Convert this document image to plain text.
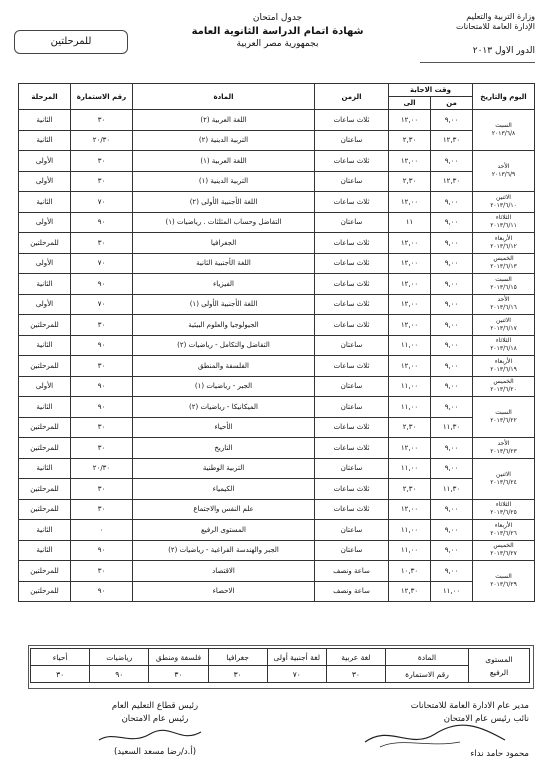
وزارة التربية والتعليم
الإدارة العامة للامتحانات
الدور الاول ٢٠١٣
جدول امتحان
شهادة اتمام الدراسة الثانوية العامة
بجمهورية مصر العربية
للمرحلتين
اليوم والتاريخ	وقت الاجابة		الزمن	المادة	رقم الاستمارة	المرحلة
	من	الى				

السبت
٢٠١٣/٦/٨	٩,٠٠	١٢,٠٠	ثلاث ساعات	اللغة العربية (٢)	٣٠	الثانية
	١٢,٣٠	٢,٣٠	ساعتان	التربية الدينية (٢)	٢٠/٣٠	الثانية

الأحد
٢٠١٣/٦/٩	٩,٠٠	١٢,٠٠	ثلاث ساعات	اللغة العربية (١)	٣٠	الأولى
	١٢,٣٠	٢,٣٠	ساعتان	التربية الدينية (١)	٣٠	الأولى

الاثنين
٢٠١٣/٦/١٠	٩,٠٠	١٢,٠٠	ثلاث ساعات	اللغة الأجنبية الأولى (٢)	٧٠	الثانية

الثلاثاء
٢٠١٣/٦/١١	٩,٠٠	١١	ساعتان	التفاضل وحساب المثلثات . رياضيات (١)	٩٠	الأولى

الأربعاء
٢٠١٣/٦/١٢	٩,٠٠	١٢,٠٠	ثلاث ساعات	الجغرافيا	٣٠	للمرحلتين

الخميس
٢٠١٣/٦/١٣	٩,٠٠	١٢,٠٠	ثلاث ساعات	اللغة الأجنبية الثانية	٧٠	الأولى

السبت
٢٠١٣/٦/١٥	٩,٠٠	١٢,٠٠	ثلاث ساعات	الفيزياء	٩٠	الثانية

الأحد
٢٠١٣/٦/١٦	٩,٠٠	١٢,٠٠	ثلاث ساعات	اللغة الأجنبية الأولى (١)	٧٠	الأولى

الاثنين
٢٠١٣/٦/١٧	٩,٠٠	١٢,٠٠	ثلاث ساعات	الجيولوجيا والعلوم البيئية	٣٠	للمرحلتين

الثلاثاء
٢٠١٣/٦/١٨	٩,٠٠	١١,٠٠	ساعتان	التفاضل والتكامل - رياضيات (٢)	٩٠	الثانية

الأربعاء
٢٠١٣/٦/١٩	٩,٠٠	١٢,٠٠	ثلاث ساعات	الفلسفة والمنطق	٣٠	للمرحلتين

الخميس
٢٠١٣/٦/٢٠	٩,٠٠	١١,٠٠	ساعتان	الجبر - رياضيات (١)	٩٠	الأولى

السبت
٢٠١٣/٦/٢٢	٩,٠٠	١١,٠٠	ساعتان	الميكانيكا - رياضيات (٢)	٩٠	الثانية
	١١,٣٠	٢,٣٠	ثلاث ساعات	الأحياء	٣٠	للمرحلتين

الأحد
٢٠١٣/٦/٢٣	٩,٠٠	١٢,٠٠	ثلاث ساعات	التاريخ	٣٠	للمرحلتين

الاثنين
٢٠١٣/٦/٢٤	٩,٠٠	١١,٠٠	ساعتان	التربية الوطنية	٢٠/٣٠	الثانية
	١١,٣٠	٢,٣٠	ثلاث ساعات	الكيمياء	٣٠	للمرحلتين

الثلاثاء
٢٠١٣/٦/٢٥	٩,٠٠	١٢,٠٠	ثلاث ساعات	علم النفس والاجتماع	٣٠	للمرحلتين

الأربعاء
٢٠١٣/٦/٢٦	٩,٠٠	١١,٠٠	ساعتان	المستوى الرفيع	٠	الثانية

الخميس
٢٠١٣/٦/٢٧	٩,٠٠	١١,٠٠	ساعتان	الجبر والهندسة الفراغية - رياضيات (٢)	٩٠	الثانية

السبت
٢٠١٣/٦/٢٩	٩,٠٠	١٠,٣٠	ساعة ونصف	الاقتصاد	٣٠	للمرحلتين
	١١,٠٠	١٢,٣٠	ساعة ونصف	الاحصاء	٩٠	للمرحلتين
المستوى
الرفيع	المادة	لغة عربية	لغة أجنبية أولى	جغرافيا	فلسفة ومنطق	رياضيات	أحياء
	رقم الاستمارة	٣٠	٧٠	٣٠	٣٠	٩٠	٣٠
مدير عام الادارة العامة للامتحانات
نائب رئيس عام الامتحان
محمود حامد نداء
رئيس قطاع التعليم العام
رئيس عام الامتحان
(أ.د/رضا مسعد السعيد)
